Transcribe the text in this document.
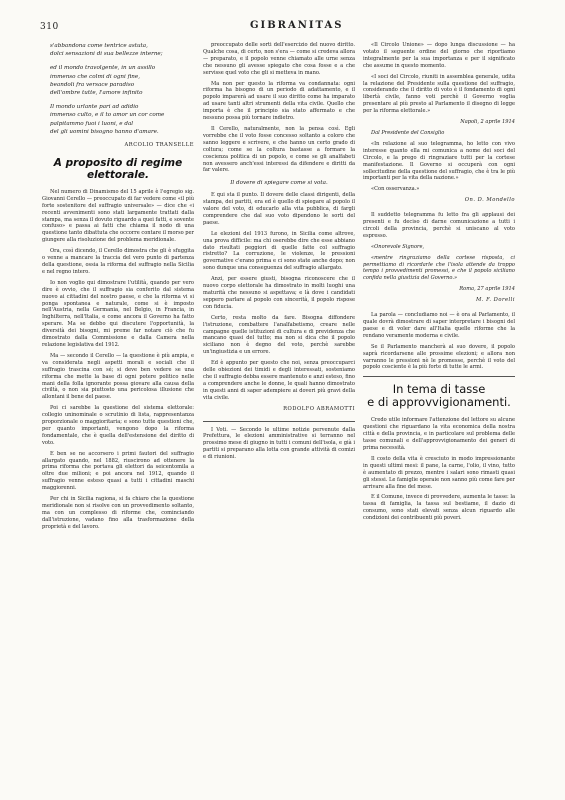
310	GIBRANITAS
s'abbandona come tentrice astuta,
dolci sensazioni di sua bellezze interne;
ed il mondo travolgente, in un assillo
immenso che colmi di ogni fine,
beandoli fra versace paradiso
dell'ombre tutte, l'amore infinito
Il mondo urlante pari ad adidio
immenso culto, e il to amor un cor come
palpitammo fuoi i luoni, e dal
del gli uomini bisogno hanno d'amare.
ARCOLIO TRANSELLE
A proposito di regime elettorale.
Nel numero di Dinamismo del 15 aprile è l'egregio sig. Giovanni Cerello — preoccupato di far vedere come «il più forte sostenitore del suffragio universale» — dice che «i recenti avvenimenti sono stati largamente trattati dalla stampa, ma senza il dovuto riguardo a quei fatti, e sovente confuso» e passa ai fatti che chiama il nodo di una questione tanto dibattuta che occorre contare il morso per giungere alla risoluzione del problema meridionale.
Ora, così dicendo, il Cerello dimostra che gli è sfuggita o venne a mancare la traccia del vero punto di partenza della questione, ossia la riforma del suffragio nella Sicilia e nel regno intero.
Io non voglio qui dimostrare l'utilità, quando per vero dire è ovvio, che il suffragio sia conferito dal sistema nuovo ai cittadini del nostro paese, e che la riforma vi si ponga spontanea e naturale, come si è imposto nell'Austria, nella Germania, nel Belgio, in Francia, in Inghilterra, nell'Italia, e come ancora il Governo ha fatto sperare. Ma se debbo qui discutere l'opportunità, la diversità dei bisogni, mi preme far notare ciò che fu dimostrato dalla Commissione e dalla Camera nella relazione legislativa del 1912.
Ma — secondo il Cerello — la questione è più ampia, e va considerata negli aspetti morali e sociali che il suffragio trascina con sé; si deve ben vedere se una riforma che mette la base di ogni potere politico nelle mani della folla ignorante possa giovare alla causa della civiltà, o non sia piuttosto una pericolosa illusione che allontani il bene del paese.
Poi ci sarebbe la questione del sistema elettorale: collegio uninominale o scrutinio di lista, rappresentanza proporzionale o maggioritaria; e sono tutte questioni che, per quanto importanti, vengono dopo la riforma fondamentale, che è quella dell'estensione del diritto di voto.
E ben se ne accorsero i primi fautori del suffragio allargato quando, nel 1882, riuscirono ad ottenere la prima riforma che portava gli elettori da seicentomila a oltre due milioni; e poi ancora nel 1912, quando il suffragio venne esteso quasi a tutti i cittadini maschi maggiorenni.
Per chi in Sicilia ragiona, si fa chiaro che la questione meridionale non si risolve con un provvedimento soltanto, ma con un complesso di riforme che, cominciando dall'istruzione, vadano fino alla trasformazione della proprietà e del lavoro.
preoccupato delle sorti dell'esercizio del nuovo diritto. Qualche cosa, di certo, non s'era — come si credeva allora — preparato, e il popolo venne chiamato alle urne senza che nessuno gli avesse spiegato che cosa fosse e a che servisse quel voto che gli si metteva in mano.
Ma non per questo la riforma va condannata: ogni riforma ha bisogno di un periodo di adattamento, e il popolo imparerà ad usare il suo diritto come ha imparato ad usare tanti altri strumenti della vita civile. Quello che importa è che il principio sia stato affermato e che nessuno possa più tornare indietro.
Il Cerello, naturalmente, non la pensa così. Egli vorrebbe che il voto fosse concesso soltanto a coloro che sanno leggere e scrivere, e che hanno un certo grado di coltura; come se la coltura bastasse a formare la coscienza politica di un popolo, e come se gli analfabeti non avessero anch'essi interessi da difendere e diritti da far valere.
Il dovere di spiegare come si vota.
E qui sta il punto. Il dovere delle classi dirigenti, della stampa, dei partiti, era ed è quello di spiegare al popolo il valore del voto, di educarlo alla vita pubblica, di fargli comprendere che dal suo voto dipendono le sorti del paese.
Le elezioni del 1913 furono, in Sicilia come altrove, una prova difficile: ma chi oserebbe dire che esse abbiano dato risultati peggiori di quelle fatte col suffragio ristretto? La corruzione, le violenze, le pressioni governative c'erano prima e ci sono state anche dopo; non sono dunque una conseguenza del suffragio allargato.
Anzi, per essere giusti, bisogna riconoscere che il nuovo corpo elettorale ha dimostrato in molti luoghi una maturità che nessuno si aspettava; e là dove i candidati seppero parlare al popolo con sincerità, il popolo rispose con fiducia.
Certo, resta molto da fare. Bisogna diffondere l'istruzione, combattere l'analfabetismo, creare nelle campagne quelle istituzioni di cultura e di previdenza che mancano quasi del tutto; ma non si dica che il popolo siciliano non è degno del voto, perchè sarebbe un'ingiustizia e un errore.
Ed è appunto per questo che noi, senza preoccuparci delle obiezioni dei timidi e degli interessati, sosteniamo che il suffragio debba essere mantenuto e anzi esteso, fino a comprendere anche le donne, le quali hanno dimostrato in questi anni di saper adempiere ai doveri più gravi della vita civile.
RODOLFO ABRAMOTTI
I Voti. — Secondo le ultime notizie pervenute dalla Prefettura, le elezioni amministrative si terranno nel prossimo mese di giugno in tutti i comuni dell'isola, e già i partiti si preparano alla lotta con grande attività di comizi e di riunioni.
«Il Circolo Unione» — dopo lunga discussione — ha votato il seguente ordine del giorno che riportiamo integralmente per la sua importanza e per il significato che assume in questo momento.
«I soci del Circolo, riuniti in assemblea generale, udita la relazione del Presidente sulla questione del suffragio, considerando che il diritto di voto è il fondamento di ogni libertà civile, fanno voti perchè il Governo voglia presentare al più presto al Parlamento il disegno di legge per la riforma elettorale.»
Napoli, 2 aprile 1914
Dal Presidente del Consiglio
«In relazione al suo telegramma, ho letto con vivo interesse quanto ella mi comunica a nome dei soci del Circolo, e la prego di ringraziare tutti per la cortese manifestazione. Il Governo si occuperà con ogni sollecitudine della questione del suffragio, che è tra le più importanti per la vita della nazione.»
«Con osservanza.»
On. D. Mondello
Il suddetto telegramma fu letto fra gli applausi dei presenti e fu deciso di darne comunicazione a tutti i circoli della provincia, perchè si uniscano al voto espresso.
«Onorevole Signore,
«mentre ringraziamo della cortese risposta, ci permettiamo di ricordarle che l'isola attende da troppo tempo i provvedimenti promessi, e che il popolo siciliano confida nella giustizia del Governo.»
Roma, 27 aprile 1914
M. F. Dorelli
La parola — concludiamo noi — è ora al Parlamento, il quale dovrà dimostrare di saper interpretare i bisogni del paese e di voler dare all'Italia quelle riforme che la rendano veramente moderna e civile.
Se il Parlamento mancherà al suo dovere, il popolo saprà ricordarsene alle prossime elezioni; e allora non varranno le pressioni nè le promesse, perchè il voto del popolo cosciente è la più forte di tutte le armi.
In tema di tasse
e di approvvigionamenti.
Credo utile informare l'attenzione del lettore su alcune questioni che riguardano la vita economica della nostra città e della provincia, e in particolare sul problema delle tasse comunali e dell'approvvigionamento dei generi di prima necessità.
Il costo della vita è cresciuto in modo impressionante in questi ultimi mesi: il pane, la carne, l'olio, il vino, tutto è aumentato di prezzo, mentre i salari sono rimasti quasi gli stessi. Le famiglie operaie non sanno più come fare per arrivare alla fine del mese.
E il Comune, invece di provvedere, aumenta le tasse: la tassa di famiglia, la tassa sul bestiame, il dazio di consumo, sono stati elevati senza alcun riguardo alle condizioni dei contribuenti più poveri.
